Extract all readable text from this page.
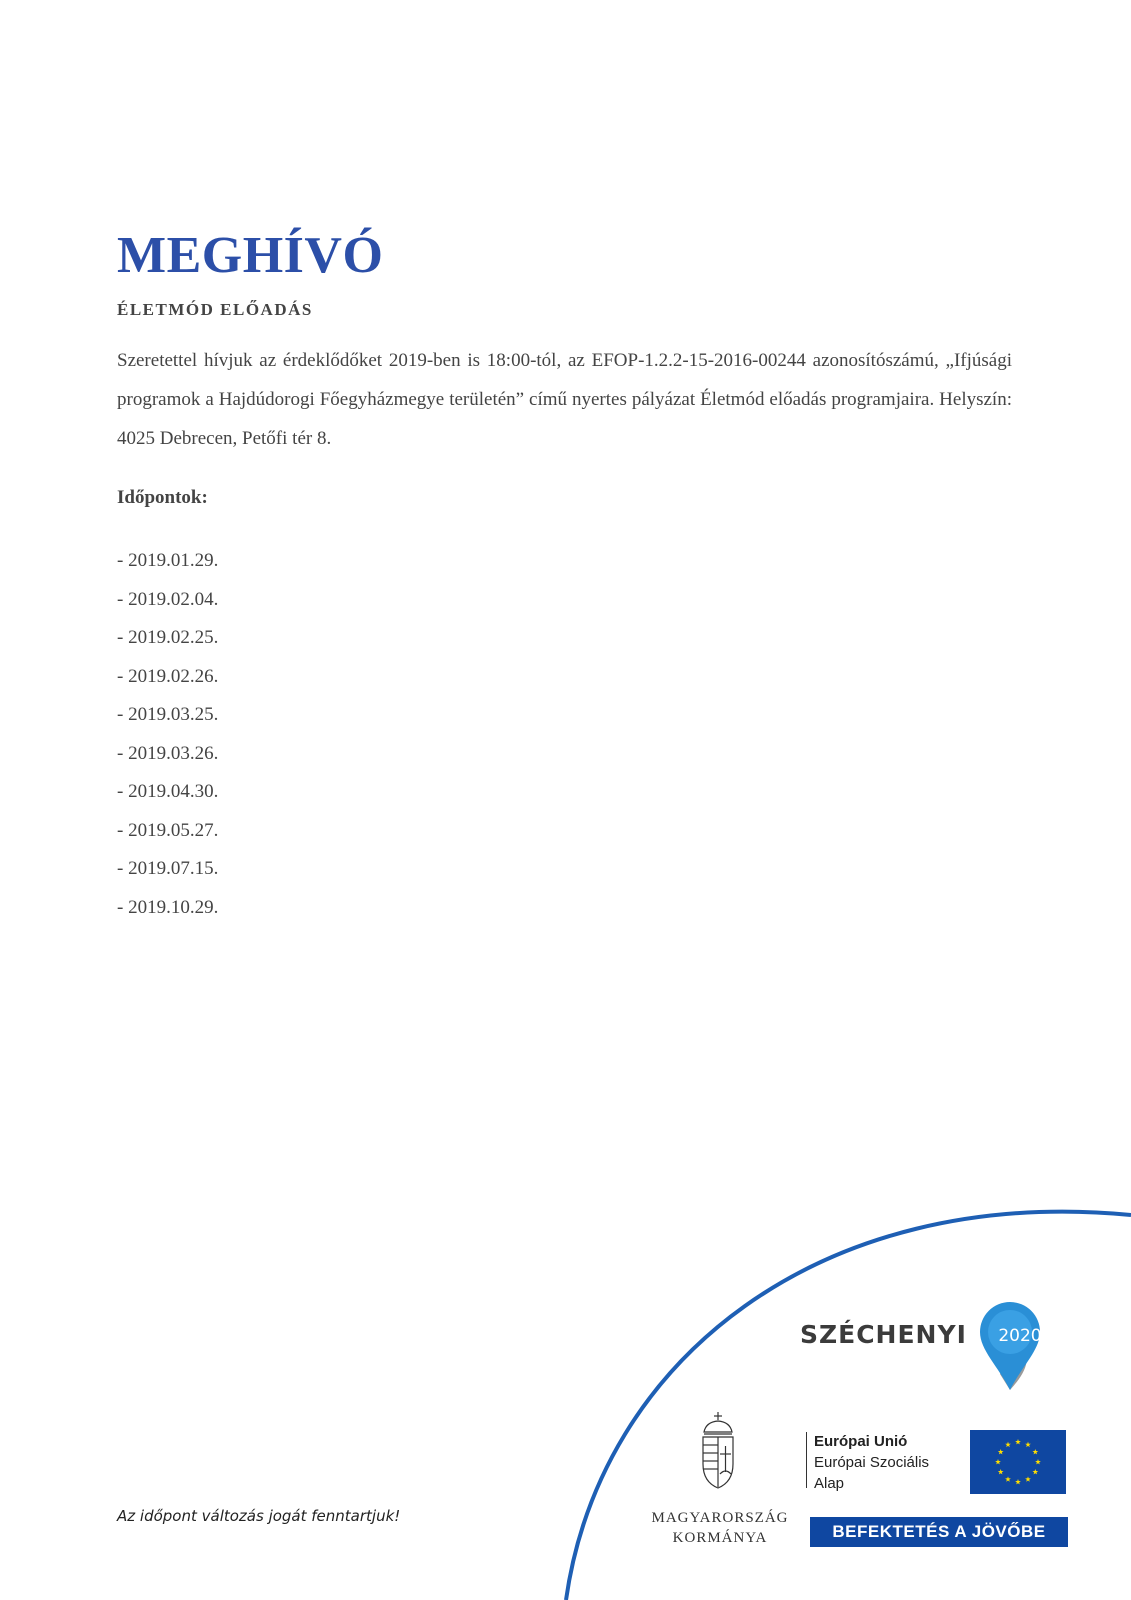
MEGHÍVÓ
ÉLETMÓD ELŐADÁS

Szeretettel hívjuk az érdeklődőket 2019-ben is 18:00-tól, az EFOP-1.2.2-15-2016-00244 azonosítószámú, „Ifjúsági programok a Hajdúdorogi Főegyházmegye területén” című nyertes pályázat Életmód előadás programjaira. Helyszín: 4025 Debrecen, Petőfi tér 8.

Időpontok:

- 2019.01.29.
- 2019.02.04.
- 2019.02.25.
- 2019.02.26.
- 2019.03.25.
- 2019.03.26.
- 2019.04.30.
- 2019.05.27.
- 2019.07.15.
- 2019.10.29.

Az időpont változás jogát fenntartjuk!

SZÉCHENYI	2020
MAGYARORSZÁG
KORMÁNYA
Európai Unió
Európai Szociális
Alap
BEFEKTETÉS A JÖVŐBE
